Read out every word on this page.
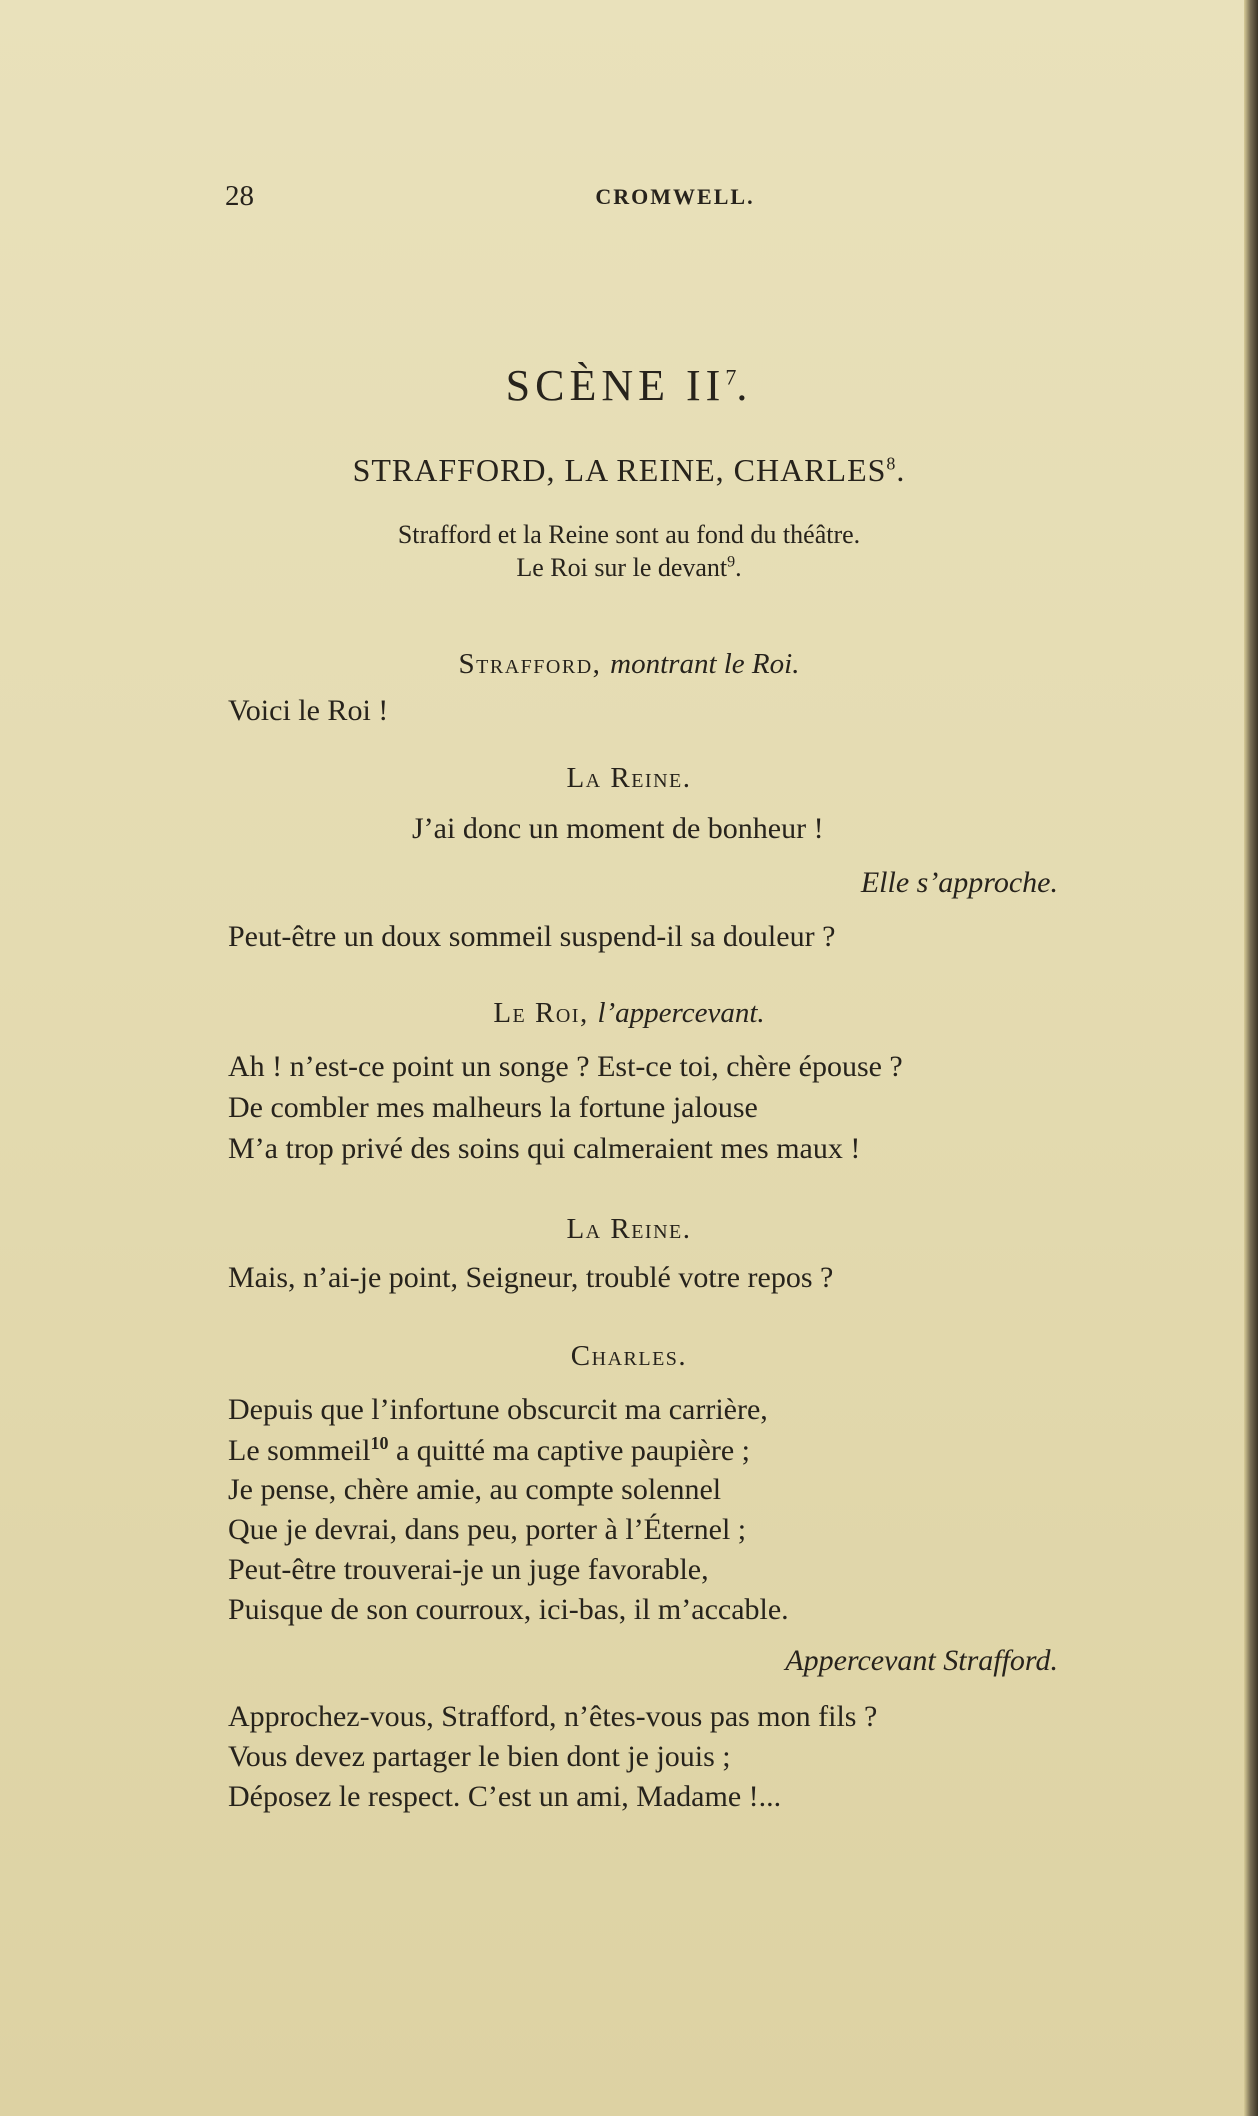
28	CROMWELL.
SCÈNE $II^7$.
STRAFFORD, LA REINE, CHARLES$^8$.
Strafford et la Reine sont au fond du théâtre.
Le Roi sur le devant$^9$.
Strafford, montrant le Roi.
Voici le Roi !
La Reine.
J’ai donc un moment de bonheur !
Elle s’approche.
Peut-être un doux sommeil suspend-il sa douleur ?
Le Roi, l’appercevant.
Ah ! n’est-ce point un songe ? Est-ce toi, chère épouse ?
De combler mes malheurs la fortune jalouse
M’a trop privé des soins qui calmeraient mes maux !
La Reine.
Mais, n’ai-je point, Seigneur, troublé votre repos ?
Charles.
Depuis que l’infortune obscurcit ma carrière,
Le sommeil$^{10}$ a quitté ma captive paupière ;
Je pense, chère amie, au compte solennel
Que je devrai, dans peu, porter à l’Éternel ;
Peut-être trouverai-je un juge favorable,
Puisque de son courroux, ici-bas, il m’accable.
Appercevant Strafford.
Approchez-vous, Strafford, n’êtes-vous pas mon fils ?
Vous devez partager le bien dont je jouis ;
Déposez le respect. C’est un ami, Madame !...
